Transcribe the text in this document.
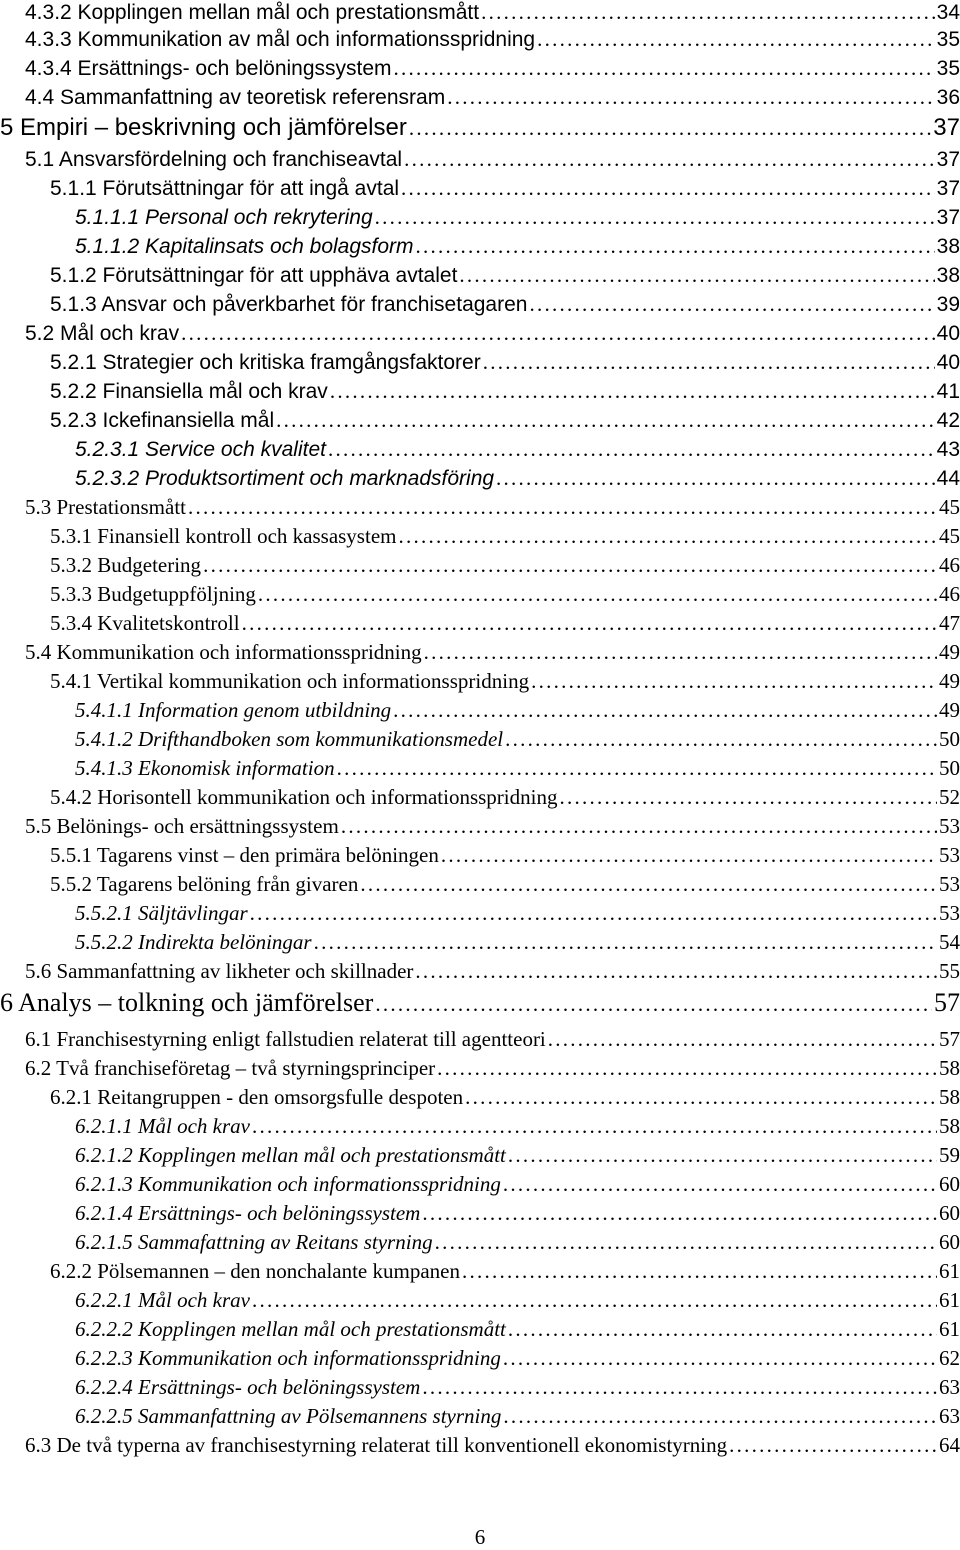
4.3.2 Kopplingen mellan mål och prestationsmått . . .	34
4.3.3 Kommunikation av mål och informationsspridning . . .	35
4.3.4 Ersättnings- och belöningssystem . . .	35
4.4 Sammanfattning av teoretisk referensram . . .	36
5 Empiri – beskrivning och jämförelser . . .	37
5.1 Ansvarsfördelning och franchiseavtal . . .	37
5.1.1 Förutsättningar för att ingå avtal . . .	37
5.1.1.1 Personal och rekrytering . . .	37
5.1.1.2 Kapitalinsats och bolagsform . . .	38
5.1.2 Förutsättningar för att upphäva avtalet . . .	38
5.1.3 Ansvar och påverkbarhet för franchisetagaren . . .	39
5.2 Mål och krav . . .	40
5.2.1 Strategier och kritiska framgångsfaktorer . . .	40
5.2.2 Finansiella mål och krav . . .	41
5.2.3 Ickefinansiella mål . . .	42
5.2.3.1 Service och kvalitet . . .	43
5.2.3.2 Produktsortiment och marknadsföring . . .	44
5.3 Prestationsmått . . .	45
5.3.1 Finansiell kontroll och kassasystem . . .	45
5.3.2 Budgetering . . .	46
5.3.3 Budgetuppföljning . . .	46
5.3.4 Kvalitetskontroll . . .	47
5.4 Kommunikation och informationsspridning . . .	49
5.4.1 Vertikal kommunikation och informationsspridning . . .	49
5.4.1.1 Information genom utbildning . . .	49
5.4.1.2 Drifthandboken som kommunikationsmedel . . .	50
5.4.1.3 Ekonomisk information . . .	50
5.4.2 Horisontell kommunikation och informationsspridning . . .	52
5.5 Belönings- och ersättningssystem . . .	53
5.5.1 Tagarens vinst – den primära belöningen . . .	53
5.5.2 Tagarens belöning från givaren . . .	53
5.5.2.1 Säljtävlingar . . .	53
5.5.2.2 Indirekta belöningar . . .	54
5.6 Sammanfattning av likheter och skillnader . . .	55
6 Analys – tolkning och jämförelser . . .	57
6.1 Franchisestyrning enligt fallstudien relaterat till agentteori . . .	57
6.2 Två franchiseföretag – två styrningsprinciper . . .	58
6.2.1 Reitangruppen - den omsorgsfulle despoten . . .	58
6.2.1.1 Mål och krav . . .	58
6.2.1.2 Kopplingen mellan mål och prestationsmått . . .	59
6.2.1.3 Kommunikation och informationsspridning . . .	60
6.2.1.4 Ersättnings- och belöningssystem . . .	60
6.2.1.5 Sammafattning av Reitans styrning . . .	60
6.2.2 Pölsemannen – den nonchalante kumpanen . . .	61
6.2.2.1 Mål och krav . . .	61
6.2.2.2 Kopplingen mellan mål och prestationsmått . . .	61
6.2.2.3 Kommunikation och informationsspridning . . .	62
6.2.2.4 Ersättnings- och belöningssystem . . .	63
6.2.2.5 Sammanfattning av Pölsemannens styrning . . .	63
6.3 De två typerna av franchisestyrning relaterat till konventionell ekonomistyrning . . .	64
6
